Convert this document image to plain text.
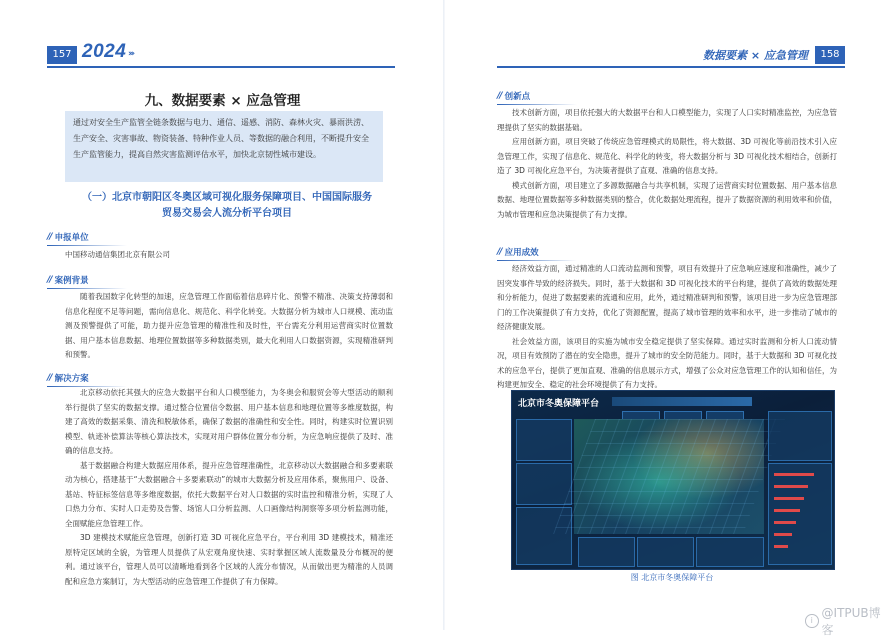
157 2024 ›››
九、数据要素 × 应急管理
通过对安全生产监管全链条数据与电力、通信、遥感、消防、森林火灾、暴雨洪涝、生产安全、灾害事故、物资装备、特种作业人员、等数据的融合利用，不断提升安全生产监管能力，提高自然灾害监测评估水平，加快北京韧性城市建设。
（一）北京市朝阳区冬奥区域可视化服务保障项目、中国国际服务
贸易交易会人流分析平台项目
// 申报单位

中国移动通信集团北京有限公司

// 案例背景

随着我国数字化转型的加速，应急管理工作面临着信息碎片化、预警不精准、决策支持薄弱和信息化程度不足等问题，需向信息化、规范化、科学化转变。大数据分析为城市人口规模、流动监测及预警提供了可能，助力提升应急管理的精准性和及时性，平台需充分利用运营商实时位置数据、用户基本信息数据、地理位置数据等多种数据类别，最大化利用人口数据资源，实现精准研判和预警。

// 解决方案

北京移动依托其强大的应急大数据平台和人口模型能力，为冬奥会和服贸会等大型活动的顺利举行提供了坚实的数据支撑。通过整合位置信令数据、用户基本信息和地理位置等多维度数据，构建了高效的数据采集、清洗和脱敏体系，确保了数据的准确性和安全性。同时，构建实时位置识别模型、轨迹补偿算法等核心算法技术，实现对用户群体位置分布分析，为应急响应提供了及时、准确的信息支持。

基于数据融合构建大数据应用体系，提升应急管理准确性，北京移动以大数据融合和多要素联动为核心，搭建基于“大数据融合＋多要素联动”的城市大数据分析及应用体系，聚焦用户、设备、基站、特征标签信息等多维度数据，依托大数据平台对人口数据的实时监控和精准分析，实现了人口热力分布、实时人口走势及告警、场馆人口分析监测、人口画像结构洞察等多项分析监测功能，全面赋能应急管理工作。

3D 建模技术赋能应急管理，创新打造 3D 可视化应急平台，平台利用 3D 建模技术，精准还原特定区域的全貌，为管理人员提供了从宏观角度快速、实时掌握区域人流数量及分布概况的便利。通过该平台，管理人员可以清晰地看到各个区域的人流分布情况，从而做出更为精准的人员调配和应急方案制订，为大型活动的应急管理工作提供了有力保障。

数据要素 × 应急管理	158
// 创新点

技术创新方面，项目依托强大的大数据平台和人口模型能力，实现了人口实时精准监控，为应急管理提供了坚实的数据基础。

应用创新方面，项目突破了传统应急管理模式的局限性，将大数据、3D 可视化等前沿技术引入应急管理工作，实现了信息化、规范化、科学化的转变，将大数据分析与 3D 可视化技术相结合，创新打造了 3D 可视化应急平台，为决策者提供了直观、准确的信息支持。

模式创新方面，项目建立了多源数据融合与共享机制，实现了运营商实时位置数据、用户基本信息数据、地理位置数据等多种数据类别的整合，优化数据处理流程，提升了数据资源的利用效率和价值，为城市管理和应急决策提供了有力支撑。

// 应用成效

经济效益方面，通过精准的人口流动监测和预警，项目有效提升了应急响应速度和准确性，减少了因突发事件导致的经济损失。同时，基于大数据和 3D 可视化技术的平台构建，提供了高效的数据处理和分析能力，促进了数据要素的流通和应用，此外，通过精准研判和预警，该项目进一步为应急管理部门的工作决策提供了有力支持，优化了资源配置，提高了城市管理的效率和水平，进一步推动了城市的经济健康发展。

社会效益方面，该项目的实施为城市安全稳定提供了坚实保障。通过实时监测和分析人口流动情况，项目有效预防了潜在的安全隐患，提升了城市的安全防范能力。同时，基于大数据和 3D 可视化技术的应急平台，提供了更加直观、准确的信息展示方式，增强了公众对应急管理工作的认知和信任，为构建更加安全、稳定的社会环境提供了有力支持。

北京市冬奥保障平台
图 北京市冬奥保障平台
i
@ITPUB博客
